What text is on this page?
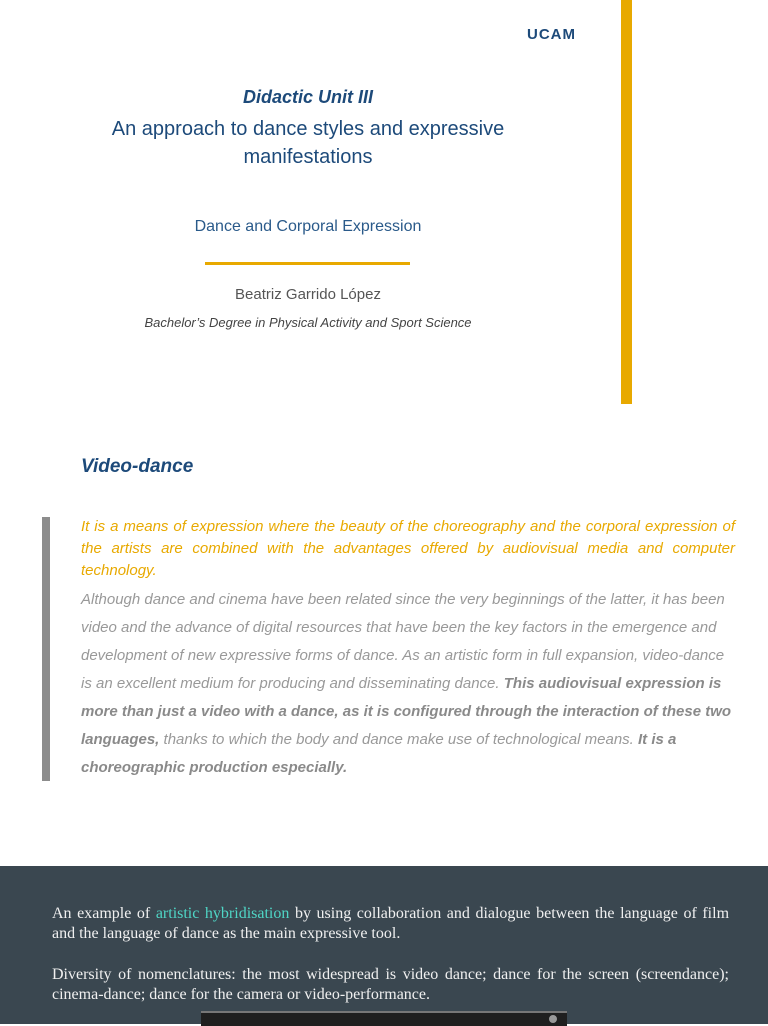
UCAM
Didactic Unit III
An approach to dance styles and expressive manifestations
Dance and Corporal Expression
Beatriz Garrido López
Bachelor’s Degree in Physical Activity and Sport Science
Video-dance

It is a means of expression where the beauty of the choreography and the corporal expression of the artists are combined with the advantages offered by audiovisual media and computer technology.

Although dance and cinema have been related since the very beginnings of the latter, it has been video and the advance of digital resources that have been the key factors in the emergence and development of new expressive forms of dance. As an artistic form in full expansion, video-dance is an excellent medium for producing and disseminating dance. This audiovisual expression is more than just a video with a dance, as it is configured through the interaction of these two languages, thanks to which the body and dance make use of technological means. It is a choreographic production especially.

An example of artistic hybridisation by using collaboration and dialogue between the language of film and the language of dance as the main expressive tool.

Diversity of nomenclatures: the most widespread is video dance; dance for the screen (screendance); cinema-dance; dance for the camera or video-performance.
